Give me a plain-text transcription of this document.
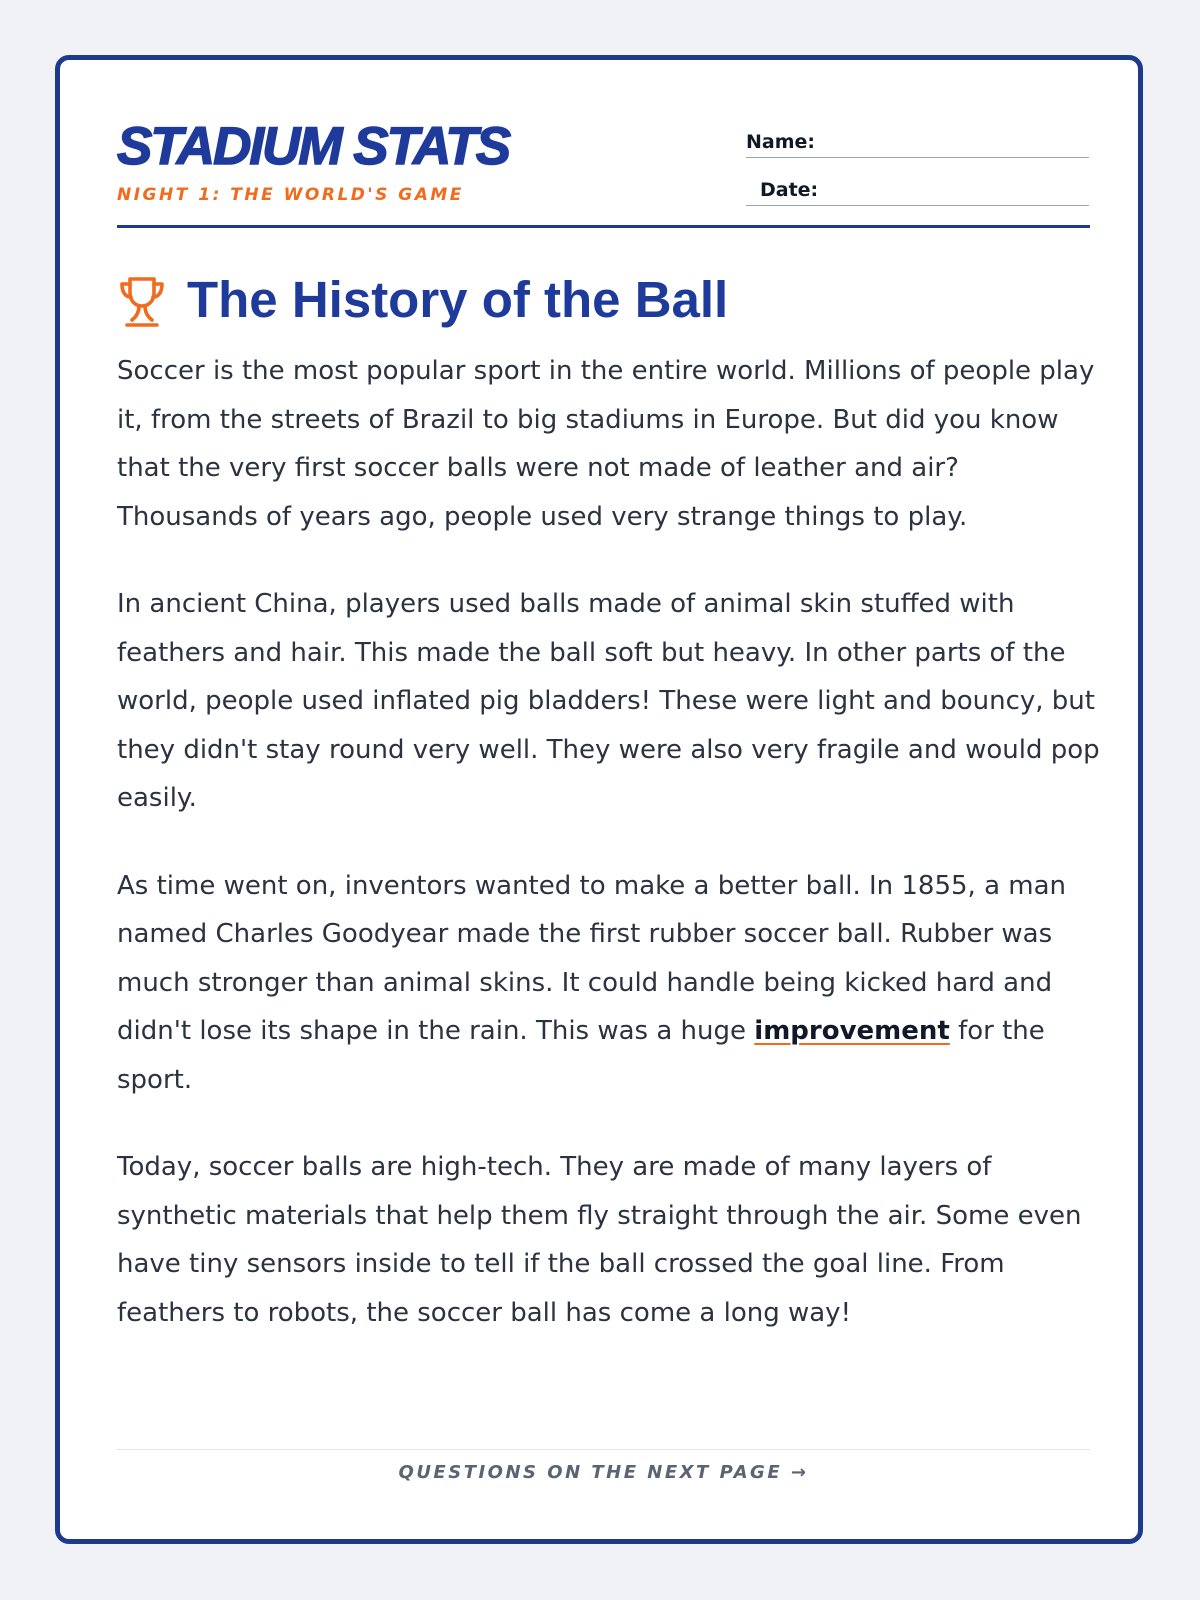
STADIUM STATS
NIGHT 1: THE WORLD'S GAME
Name:
Date:
The History of the Ball

Soccer is the most popular sport in the entire world. Millions of people play it, from the streets of Brazil to big stadiums in Europe. But did you know that the very first soccer balls were not made of leather and air? Thousands of years ago, people used very strange things to play.

In ancient China, players used balls made of animal skin stuffed with feathers and hair. This made the ball soft but heavy. In other parts of the world, people used inflated pig bladders! These were light and bouncy, but they didn't stay round very well. They were also very fragile and would pop easily.

As time went on, inventors wanted to make a better ball. In 1855, a man named Charles Goodyear made the first rubber soccer ball. Rubber was much stronger than animal skins. It could handle being kicked hard and didn't lose its shape in the rain. This was a huge improvement for the sport.

Today, soccer balls are high-tech. They are made of many layers of synthetic materials that help them fly straight through the air. Some even have tiny sensors inside to tell if the ball crossed the goal line. From feathers to robots, the soccer ball has come a long way!

QUESTIONS ON THE NEXT PAGE →
